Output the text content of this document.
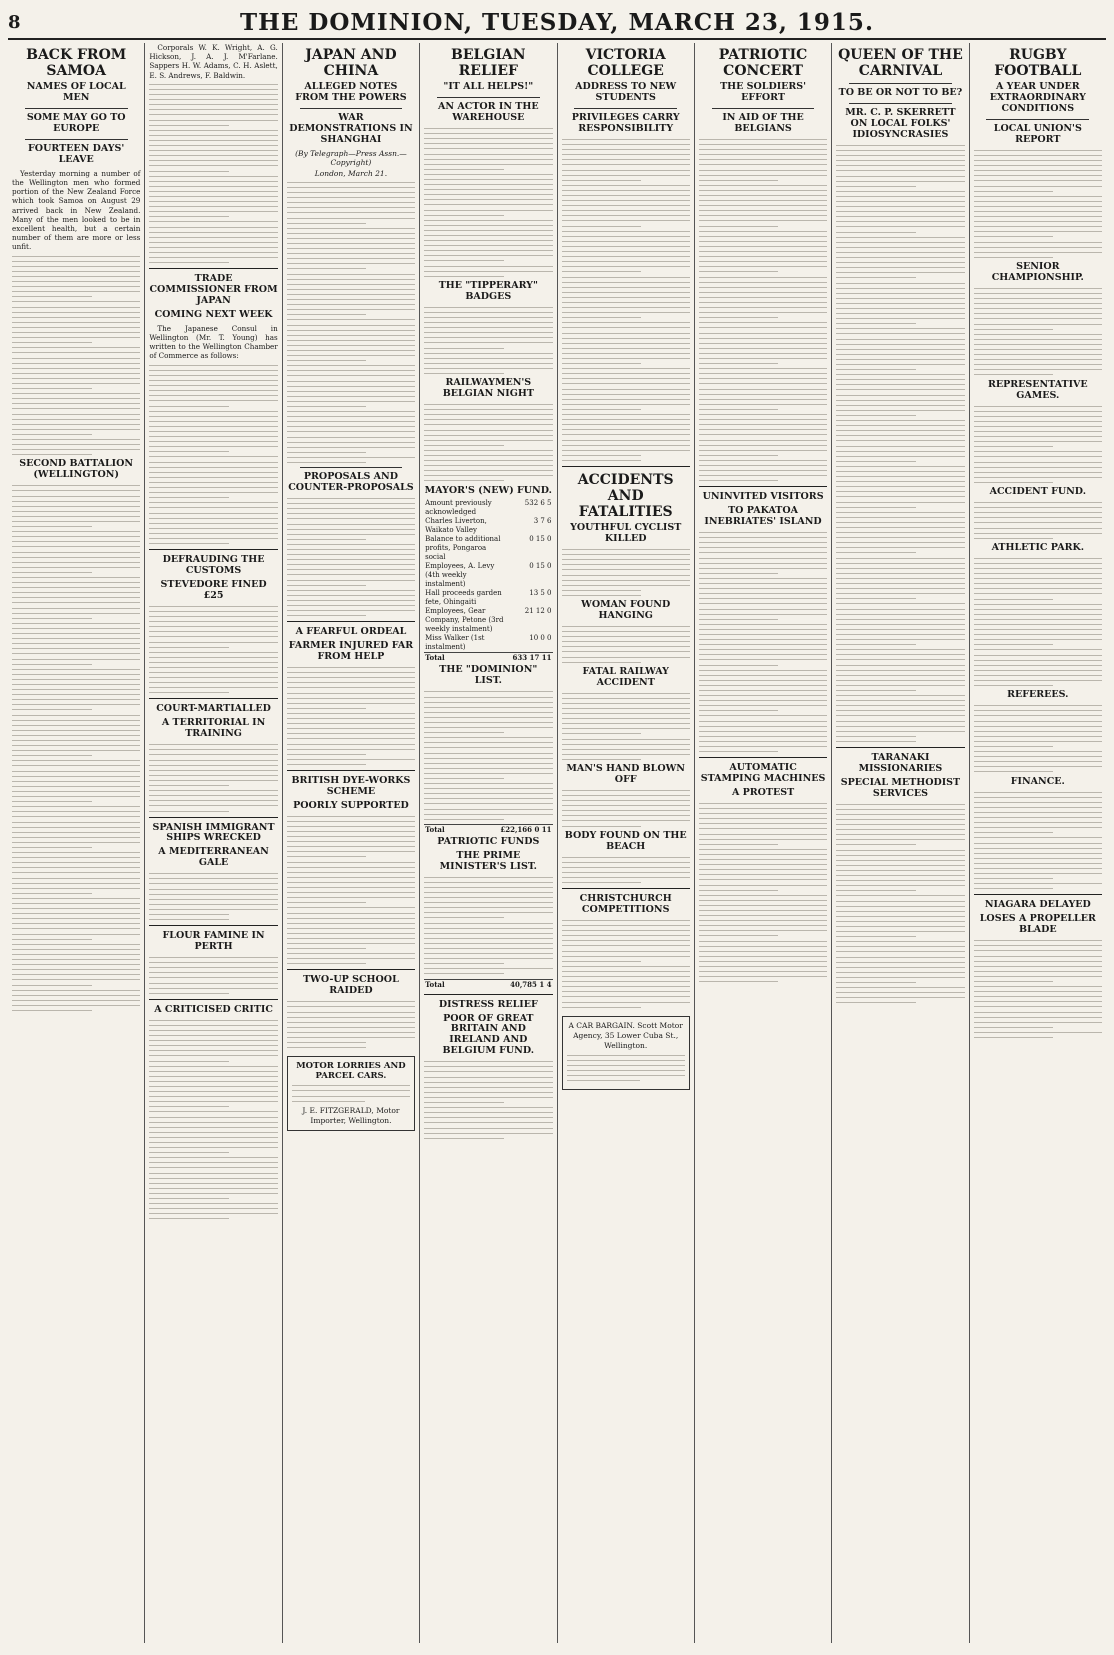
8	THE DOMINION, TUESDAY, MARCH 23, 1915.
BACK FROM SAMOA
NAMES OF LOCAL MEN
SOME MAY GO TO EUROPE
FOURTEEN DAYS' LEAVE

Yesterday morning a number of the Wellington men who formed portion of the New Zealand Force which took Samoa on August 29 arrived back in New Zealand. Many of the men looked to be in excellent health, but a certain number of them are more or less unfit.

SECOND BATTALION (WELLINGTON)

Corporals W. K. Wright, A. G. Hickson, J. A. J. M'Farlane. Sappers H. W. Adams, C. H. Aslett, E. S. Andrews, F. Baldwin.

TRADE COMMISSIONER FROM JAPAN
COMING NEXT WEEK

The Japanese Consul in Wellington (Mr. T. Young) has written to the Wellington Chamber of Commerce as follows:

DEFRAUDING THE CUSTOMS
STEVEDORE FINED £25
COURT-MARTIALLED
A TERRITORIAL IN TRAINING
SPANISH IMMIGRANT SHIPS WRECKED
A MEDITERRANEAN GALE
FLOUR FAMINE IN PERTH
A CRITICISED CRITIC
JAPAN AND CHINA
ALLEGED NOTES FROM THE POWERS
WAR DEMONSTRATIONS IN SHANGHAI
(By Telegraph—Press Assn.—Copyright)
London, March 21.
PROPOSALS AND COUNTER-PROPOSALS
A FEARFUL ORDEAL
FARMER INJURED FAR FROM HELP
BRITISH DYE-WORKS SCHEME
POORLY SUPPORTED
TWO-UP SCHOOL RAIDED
MOTOR LORRIES AND PARCEL CARS.
J. E. FITZGERALD, Motor Importer, Wellington.
BELGIAN RELIEF
"IT ALL HELPS!"
AN ACTOR IN THE WAREHOUSE
THE "TIPPERARY" BADGES
RAILWAYMEN'S BELGIAN NIGHT
MAYOR'S (NEW) FUND.
Amount previously acknowledged	532 6 5
Charles Liverton, Waikato Valley	3 7 6
Balance to additional profits, Pongaroa social	0 15 0
Employees, A. Levy (4th weekly instalment)	0 15 0
Hall proceeds garden fete, Ohingaiti	13 5 0
Employees, Gear Company, Petone (3rd weekly instalment)	21 12 0
Miss Walker (1st instalment)	10 0 0
Total	633 17 11
THE "DOMINION" LIST.
Total	£22,166 0 11
PATRIOTIC FUNDS
THE PRIME MINISTER'S LIST.
Total	40,785 1 4
DISTRESS RELIEF
POOR OF GREAT BRITAIN AND IRELAND AND BELGIUM FUND.
VICTORIA COLLEGE
ADDRESS TO NEW STUDENTS
PRIVILEGES CARRY RESPONSIBILITY
ACCIDENTS AND FATALITIES
YOUTHFUL CYCLIST KILLED
WOMAN FOUND HANGING
FATAL RAILWAY ACCIDENT
MAN'S HAND BLOWN OFF
BODY FOUND ON THE BEACH
CHRISTCHURCH COMPETITIONS
A CAR BARGAIN. Scott Motor Agency, 35 Lower Cuba St., Wellington.
PATRIOTIC CONCERT
THE SOLDIERS' EFFORT
IN AID OF THE BELGIANS
UNINVITED VISITORS
TO PAKATOA INEBRIATES' ISLAND
AUTOMATIC STAMPING MACHINES
A PROTEST
QUEEN OF THE CARNIVAL
TO BE OR NOT TO BE?
MR. C. P. SKERRETT ON LOCAL FOLKS' IDIOSYNCRASIES
TARANAKI MISSIONARIES
SPECIAL METHODIST SERVICES
RUGBY FOOTBALL
A YEAR UNDER EXTRAORDINARY CONDITIONS
LOCAL UNION'S REPORT
SENIOR CHAMPIONSHIP.
REPRESENTATIVE GAMES.
ACCIDENT FUND.
ATHLETIC PARK.
REFEREES.
FINANCE.
NIAGARA DELAYED
LOSES A PROPELLER BLADE
